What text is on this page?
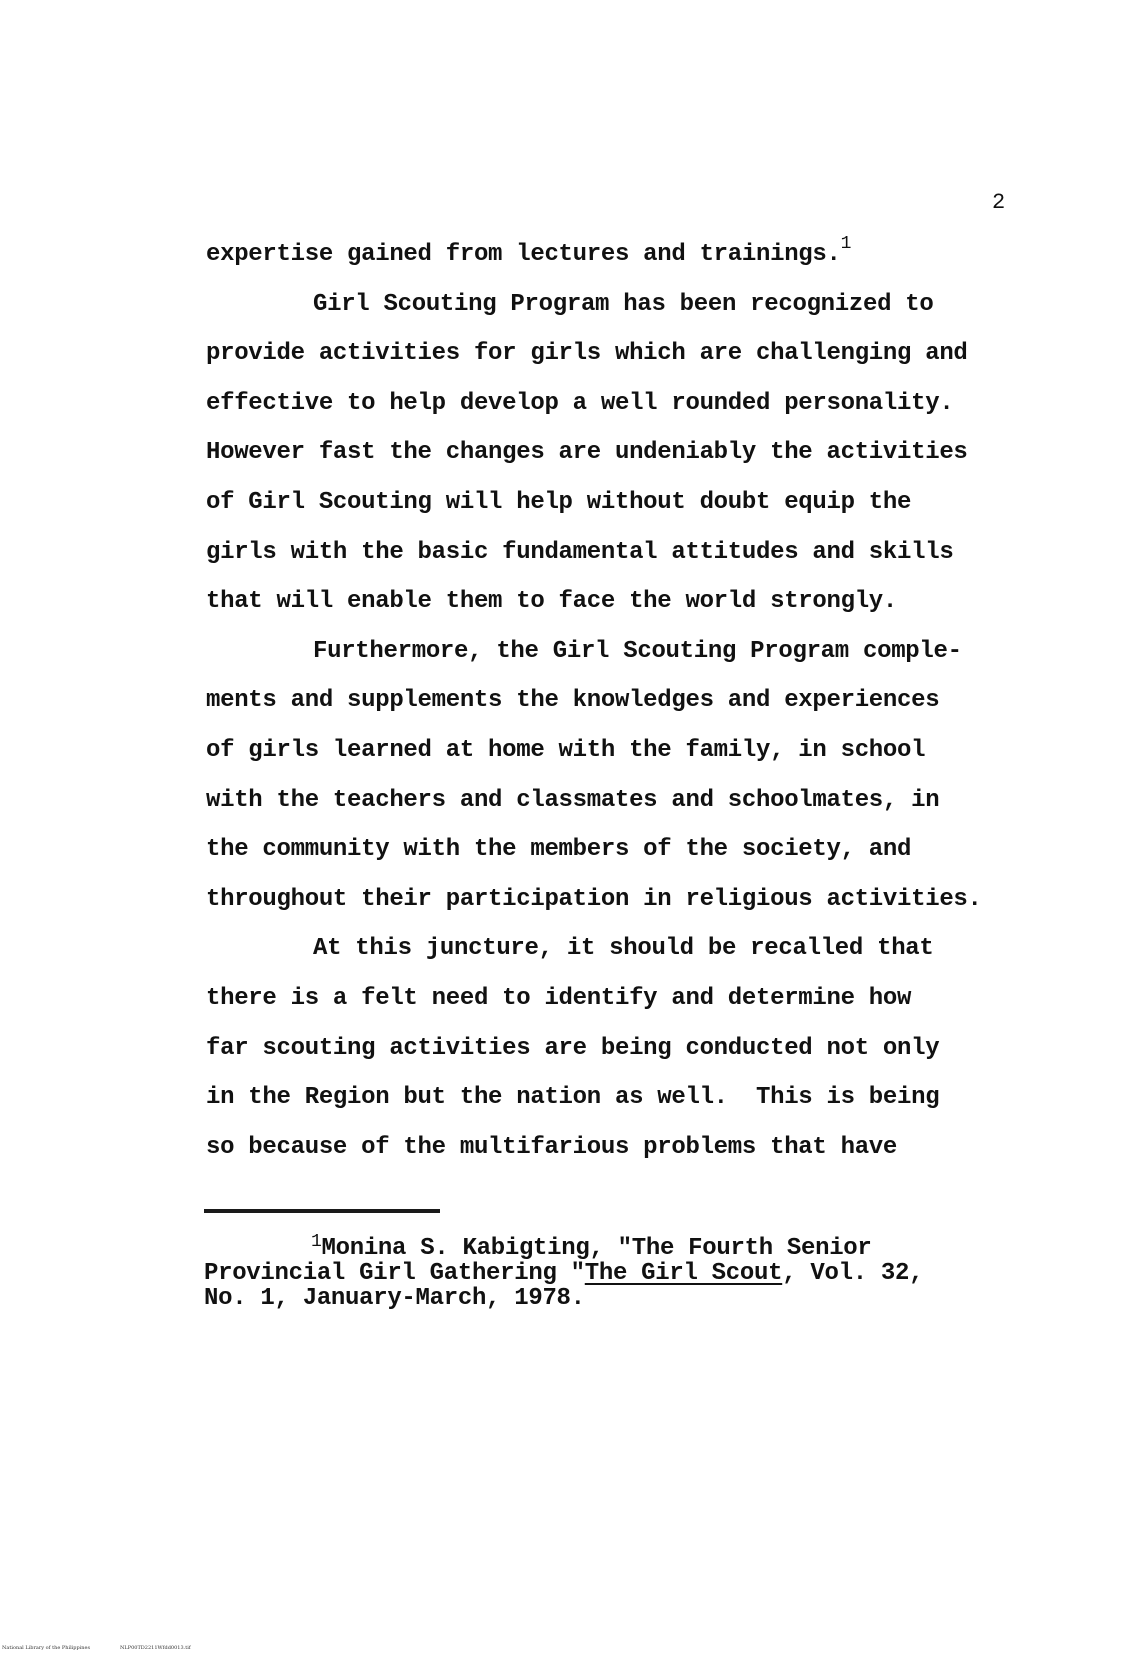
2
expertise gained from lectures and trainings.$^1$
Girl Scouting Program has been recognized to
provide activities for girls which are challenging and
effective to help develop a well rounded personality.
However fast the changes are undeniably the activities
of Girl Scouting will help without doubt equip the
girls with the basic fundamental attitudes and skills
that will enable them to face the world strongly.
Furthermore, the Girl Scouting Program comple-
ments and supplements the knowledges and experiences
of girls learned at home with the family, in school
with the teachers and classmates and schoolmates, in
the community with the members of the society, and
throughout their participation in religious activities.
At this juncture, it should be recalled that
there is a felt need to identify and determine how
far scouting activities are being conducted not only
in the Region but the nation as well.  This is being
so because of the multifarious problems that have
$^1$Monina S. Kabigting, "The Fourth Senior
Provincial Girl Gathering "The Girl Scout, Vol. 32,
No. 1, January-March, 1978.
National Library of the Philippines	NLP00TD2211Wfdd0013.tif
